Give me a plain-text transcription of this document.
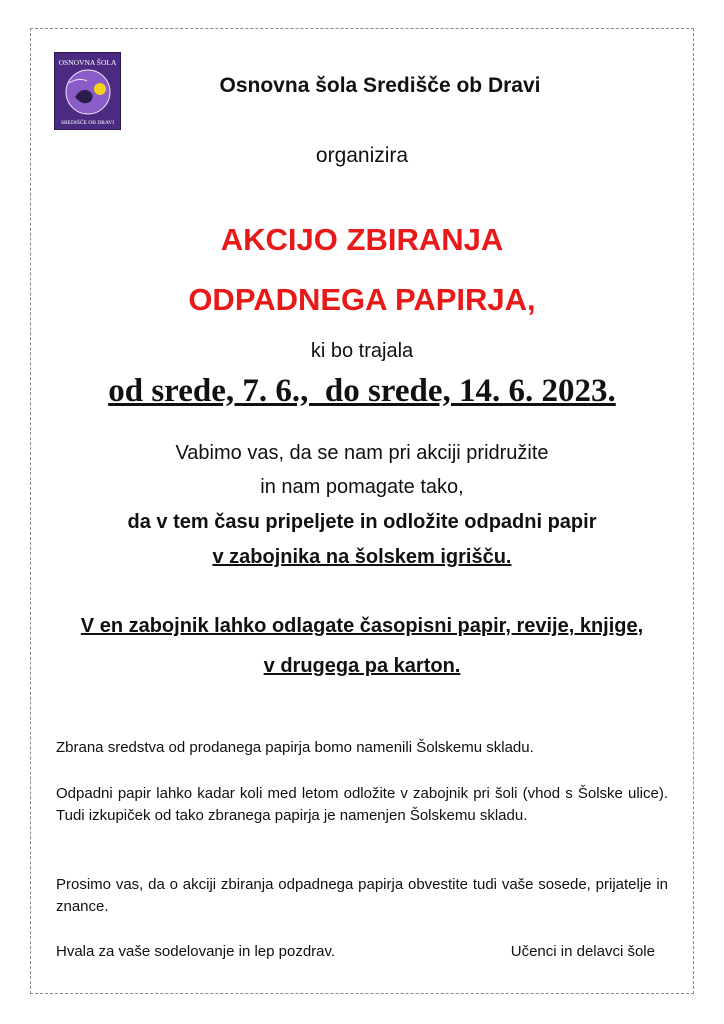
OSNOVNA ŠOLA
SREDIŠČE OB DRAVI
Osnovna šola Središče ob Dravi
organizira
AKCIJO ZBIRANJA
ODPADNEGA PAPIRJA,
ki bo trajala
od srede, 7. 6.,  do srede, 14. 6. 2023.
Vabimo vas, da se nam pri akciji pridružite
in nam pomagate tako,
da v tem času pripeljete in odložite odpadni papir
v zabojnika na šolskem igrišču.
V en zabojnik lahko odlagate časopisni papir, revije, knjige,
v drugega pa karton.

Zbrana sredstva od prodanega papirja bomo namenili Šolskemu skladu.

Odpadni papir lahko kadar koli med letom odložite v zabojnik pri šoli (vhod s Šolske ulice). Tudi izkupiček od tako zbranega papirja je namenjen Šolskemu skladu.

Prosimo vas, da o akciji zbiranja odpadnega papirja obvestite tudi vaše sosede, prijatelje in znance.

Hvala za vaše sodelovanje in lep pozdrav.	Učenci in delavci šole
